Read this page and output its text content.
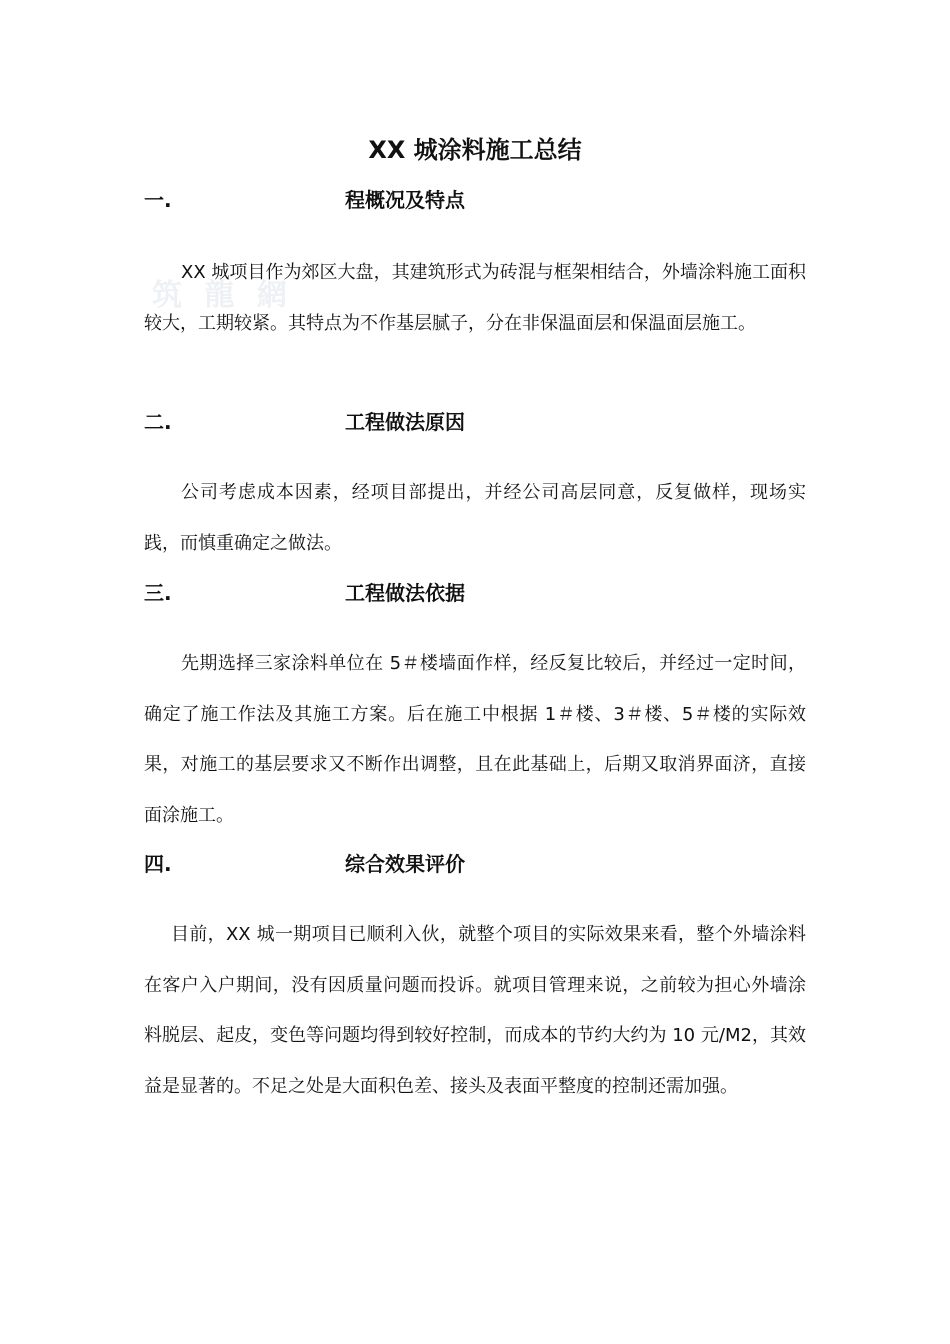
筑 龍 網
XX 城涂料施工总结
一.	程概况及特点

XX 城项目作为郊区大盘，其建筑形式为砖混与框架相结合，外墙涂料施工面积较大，工期较紧。其特点为不作基层腻子，分在非保温面层和保温面层施工。

二.	工程做法原因

公司考虑成本因素，经项目部提出，并经公司高层同意，反复做样，现场实践，而慎重确定之做法。

三.	工程做法依据

先期选择三家涂料单位在 5＃楼墙面作样，经反复比较后，并经过一定时间，确定了施工作法及其施工方案。后在施工中根据 1＃楼、3＃楼、5＃楼的实际效果，对施工的基层要求又不断作出调整，且在此基础上，后期又取消界面济，直接面涂施工。

四.	综合效果评价

目前，XX 城一期项目已顺利入伙，就整个项目的实际效果来看，整个外墙涂料在客户入户期间，没有因质量问题而投诉。就项目管理来说，之前较为担心外墙涂料脱层、起皮，变色等问题均得到较好控制，而成本的节约大约为 10 元/M2，其效益是显著的。不足之处是大面积色差、接头及表面平整度的控制还需加强。
